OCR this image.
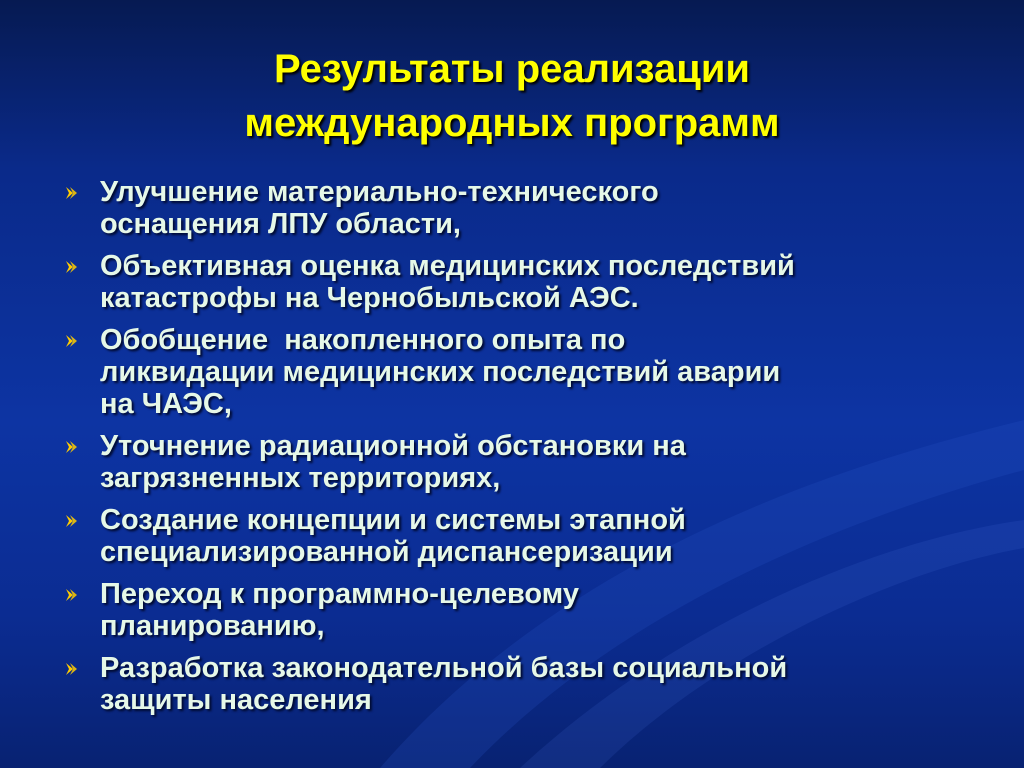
Результаты реализации
международных программ
Улучшение материально-технического
оснащения ЛПУ области,
Объективная оценка медицинских последствий
катастрофы на Чернобыльской АЭС.
Обобщение  накопленного опыта по
ликвидации медицинских последствий аварии
на ЧАЭС,
Уточнение радиационной обстановки на
загрязненных территориях,
Создание концепции и системы этапной
специализированной диспансеризации
Переход к программно-целевому
планированию,
Разработка законодательной базы социальной
защиты населения
